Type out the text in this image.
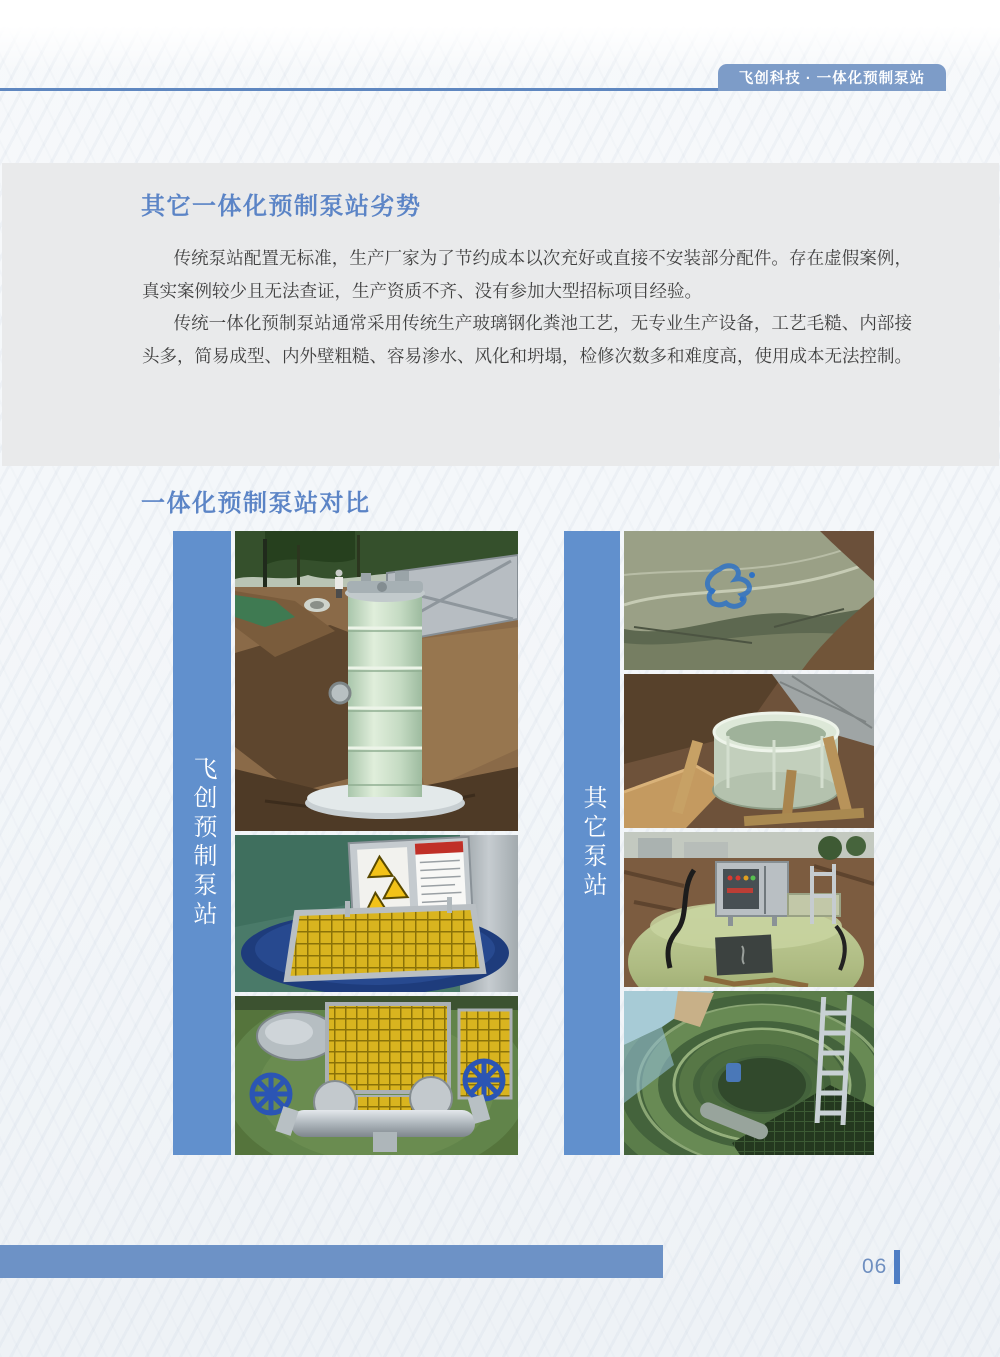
飞创科技 · 一体化预制泵站
其它一体化预制泵站劣势

传统泵站配置无标准，生产厂家为了节约成本以次充好或直接不安装部分配件。存在虚假案例，真实案例较少且无法查证，生产资质不齐、没有参加大型招标项目经验。

传统一体化预制泵站通常采用传统生产玻璃钢化粪池工艺，无专业生产设备，工艺毛糙、内部接头多，简易成型、内外壁粗糙、容易渗水、风化和坍塌，检修次数多和难度高，使用成本无法控制。

一体化预制泵站对比
飞创预制泵站	其它泵站
06
